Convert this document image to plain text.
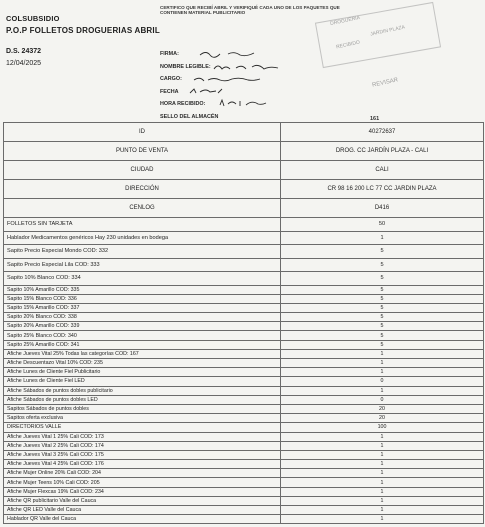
COLSUBSIDIO
P.O.P FOLLETOS DROGUERIAS ABRIL
D.S. 24372
12/04/2025
CERTIFICO QUE RECIBÍ ABRIL Y VERIFIQUÉ CADA UNO DE LOS PAQUETES QUE CONTIENEN MATERIAL PUBLICITARIO
FIRMA:
NOMBRE LEGIBLE:
CARGO:
FECHA
HORA RECIBIDO:
SELLO DEL ALMACÉN
DROGUERIA
JARDIN PLAZA
RECIBIDO
REVISAR
161
ID	40272637
PUNTO DE VENTA	DROG. CC JARDÍN PLAZA - CALI
CIUDAD	CALI
DIRECCIÓN	CR 98 16 200 LC 77 CC JARDIN PLAZA
CENLOG	D416
FOLLETOS SIN TARJETA	50
Hablador Medicamentos genéricos Hay 230 unidades en bodega	1
Sapito Precio Especial Mondo COD: 332	5
Sapito Precio Especial Lila COD: 333	5
Sapito 10% Blanco COD: 334	5
Sapito 10% Amarillo COD: 335	5
Sapito 15% Blanco COD: 336	5
Sapito 15% Amarillo COD: 337	5
Sapito 20% Blanco COD: 338	5
Sapito 20% Amarillo COD: 339	5
Sapito 25% Blanco COD: 340	5
Sapito 25% Amarillo COD: 341	5
Afiche Jueves Vital 25% Todas las categorías COD: 167	1
Afiche Descuentazo Vital 10% COD: 235	1
Afiche Lunes de Cliente Fiel Publicitario	1
Afiche Lunes de Cliente Fiel LED	0
Afiche Sábados de puntos dobles publicitario	1
Afiche Sábados de puntos dobles LED	0
Sapitos Sábados de puntos dobles	20
Sapitos oferta exclusiva	20
DIRECTORIOS VALLE	100
Afiche Jueves Vital 1 25% Cali COD: 173	1
Afiche Jueves Vital 2 25% Cali COD: 174	1
Afiche Jueves Vital 3 25% Cali COD: 175	1
Afiche Jueves Vital 4 25% Cali COD: 176	1
Afiche Mujer Online 20% Cali COD: 204	1
Afiche Mujer Teens 10% Cali COD: 205	1
Afiche Mujer Flexcas 19% Cali COD: 234	1
Afiche QR publicitario Valle del Cauca	1
Afiche QR LED Valle del Cauca	1
Hablador QR Valle del Cauca	1
